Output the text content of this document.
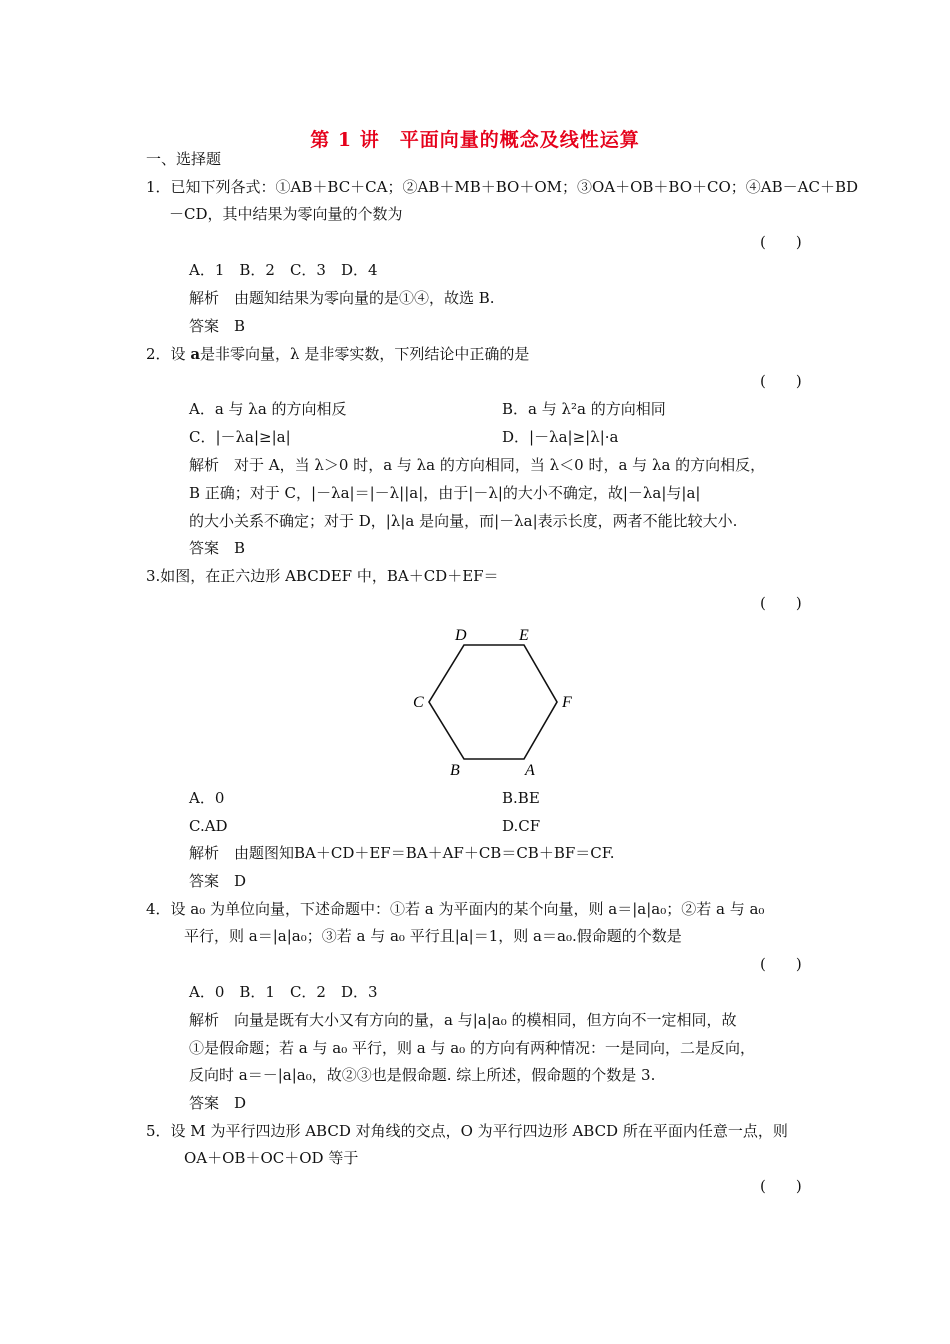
第 1 讲　平面向量的概念及线性运算
一、选择题
1．已知下列各式：①AB＋BC＋CA；②AB＋MB＋BO＋OM；③OA＋OB＋BO＋CO；④AB－AC＋BD
－CD，其中结果为零向量的个数为
(　　)
A．1　B．2　C．3　D．4
解析　由题知结果为零向量的是①④，故选 B.
答案　B
2．设 a是非零向量，λ 是非零实数，下列结论中正确的是
(　　)
A．a 与 λa 的方向相反	B．a 与 λ²a 的方向相同
C．|－λa|≥|a|	D．|－λa|≥|λ|·a
解析　对于 A，当 λ＞0 时，a 与 λa 的方向相同，当 λ＜0 时，a 与 λa 的方向相反，
B 正确；对于 C，|－λa|＝|－λ||a|，由于|－λ|的大小不确定，故|－λa|与|a|
的大小关系不确定；对于 D，|λ|a 是向量，而|－λa|表示长度，两者不能比较大小.
答案　B
3.如图，在正六边形 ABCDEF 中，BA＋CD＋EF＝
(　　)
D	E
C	F
B	A
A．0	B.BE
C.AD	D.CF
解析　由题图知BA＋CD＋EF＝BA＋AF＋CB＝CB＋BF＝CF.
答案　D
4．设 a₀ 为单位向量，下述命题中：①若 a 为平面内的某个向量，则 a＝|a|a₀；②若 a 与 a₀
平行，则 a＝|a|a₀；③若 a 与 a₀ 平行且|a|＝1，则 a＝a₀.假命题的个数是
(　　)
A．0　B．1　C．2　D．3
解析　向量是既有大小又有方向的量，a 与|a|a₀ 的模相同，但方向不一定相同，故
①是假命题；若 a 与 a₀ 平行，则 a 与 a₀ 的方向有两种情况：一是同向，二是反向，
反向时 a＝－|a|a₀，故②③也是假命题. 综上所述，假命题的个数是 3.
答案　D
5．设 M 为平行四边形 ABCD 对角线的交点，O 为平行四边形 ABCD 所在平面内任意一点，则
OA＋OB＋OC＋OD 等于
(　　)
